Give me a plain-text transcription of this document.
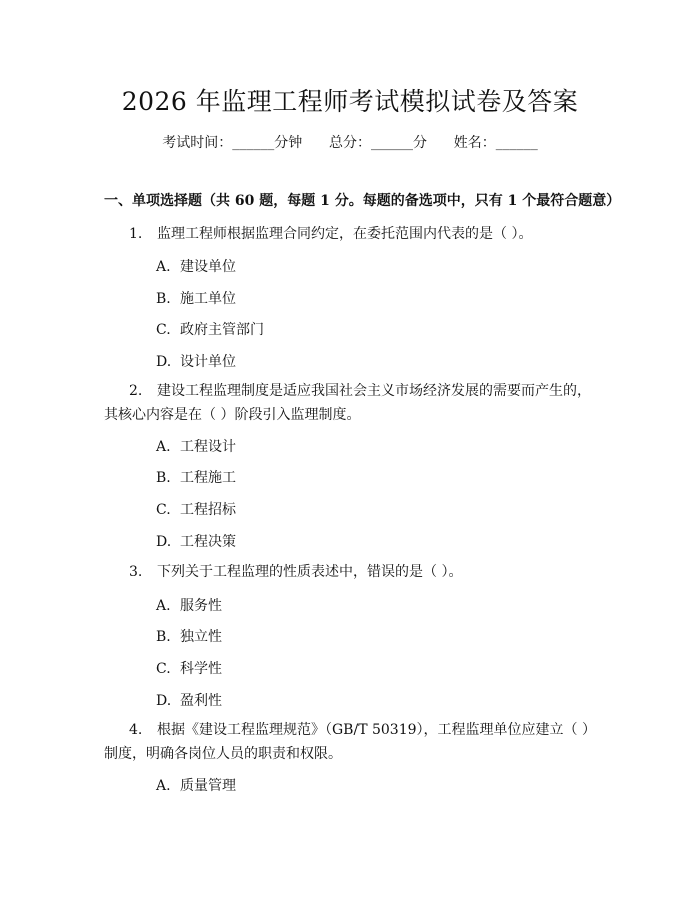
2026 年监理工程师考试模拟试卷及答案
考试时间：______分钟      总分：______分      姓名：______
一、单项选择题（共 60 题，每题 1 分。每题的备选项中，只有 1 个最符合题意）
1. 监理工程师根据监理合同约定，在委托范围内代表的是（ ）。
A. 建设单位
B. 施工单位
C. 政府主管部门
D. 设计单位
2. 建设工程监理制度是适应我国社会主义市场经济发展的需要而产生的，其核心内容是在（ ）阶段引入监理制度。
A. 工程设计
B. 工程施工
C. 工程招标
D. 工程决策
3. 下列关于工程监理的性质表述中，错误的是（ ）。
A. 服务性
B. 独立性
C. 科学性
D. 盈利性
4. 根据《建设工程监理规范》（GB/T 50319），工程监理单位应建立（ ）制度，明确各岗位人员的职责和权限。
A. 质量管理
